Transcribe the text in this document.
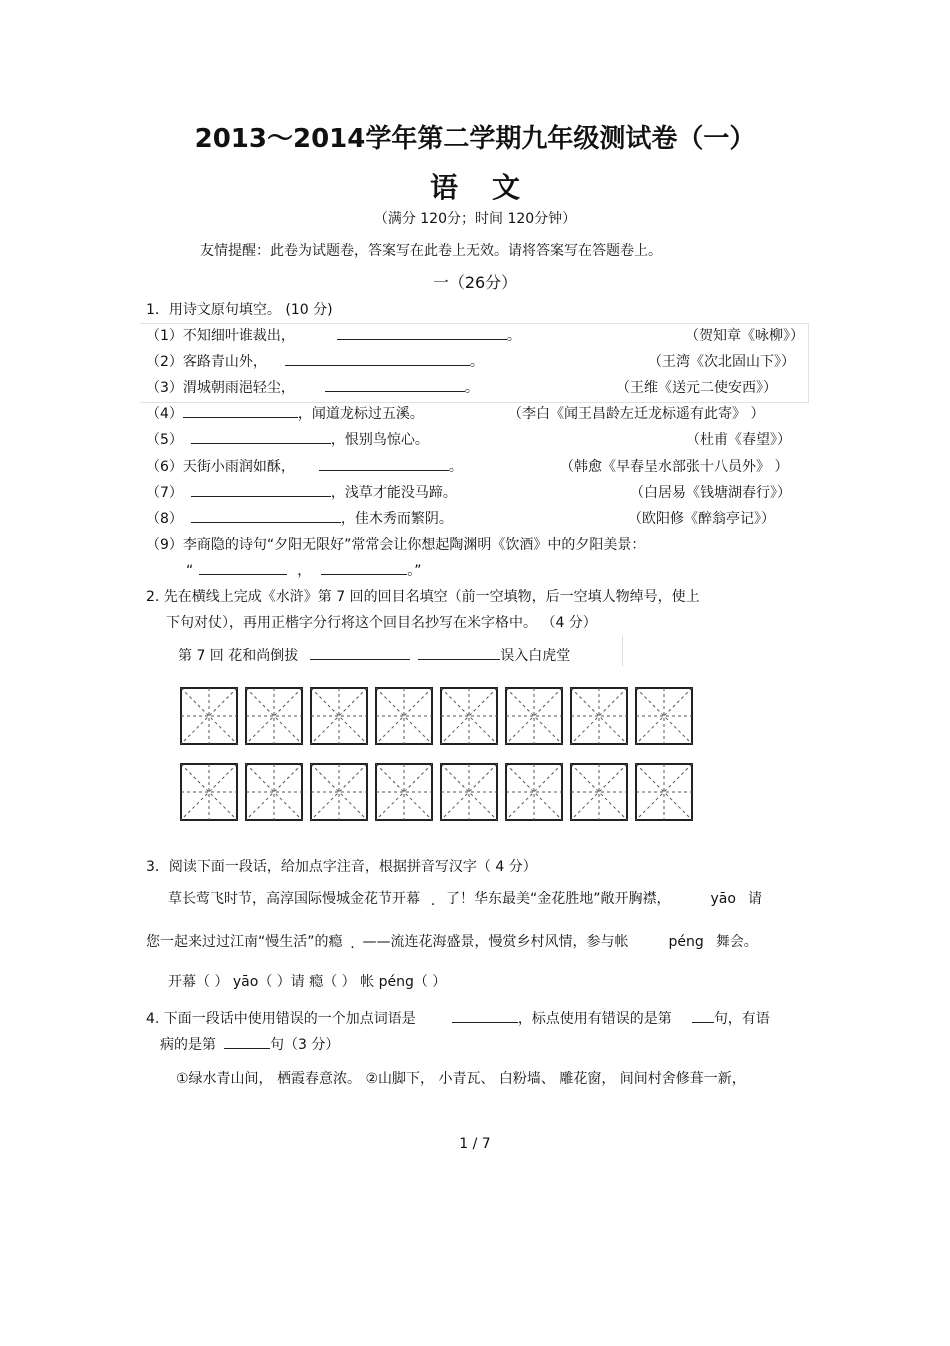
2013～2014学年第二学期九年级测试卷（一）
语文
（满分 120分；时间 120分钟）
友情提醒：此卷为试题卷，答案写在此卷上无效。请将答案写在答题卷上。
一（26分）
1．用诗文原句填空。 (10 分)
（1）不知细叶谁裁出，	。	（贺知章《咏柳》）
（2）客路青山外，	。	（王湾《次北固山下》）
（3）渭城朝雨浥轻尘，	。	（王维《送元二使安西》）
（4）	，闻道龙标过五溪。	（李白《闻王昌龄左迁龙标遥有此寄》 ）
（5）	，恨别鸟惊心。	（杜甫《春望》）
（6）天街小雨润如酥，	。	（韩愈《早春呈水部张十八员外》 ）
（7）	，浅草才能没马蹄。	（白居易《钱塘湖春行》）
（8）	，佳木秀而繁阴。	（欧阳修《醉翁亭记》）
（9）李商隐的诗句“夕阳无限好”常常会让你想起陶渊明《饮酒》中的夕阳美景：
“	，	。”
2. 先在横线上完成《水浒》第 7 回的回目名填空（前一空填物，后一空填人物绰号，使上
下句对仗），再用正楷字分行将这个回目名抄写在米字格中。 （4 分）
第 7 回 花和尚倒拔	误入白虎堂
3．阅读下面一段话，给加点字注音，根据拼音写汉字（ 4 分）
草长莺飞时节，高淳国际慢城金花节开幕 了！华东最美“金花胜地”敞开胸襟，	yāo 请
您一起来过过江南“慢生活”的瘾 ——流连花海盛景，慢赏乡村风情，参与帐	péng 舞会。
开幕（ ） yāo（ ）请 瘾（ ） 帐 péng（ ）
4. 下面一段话中使用错误的一个加点词语是	，标点使用有错误的是第	句，有语
病的是第	句（3 分）
①绿水青山间， 栖霞春意浓。 ②山脚下， 小青瓦、 白粉墙、 雕花窗， 间间村舍修葺一新，
1 / 7
